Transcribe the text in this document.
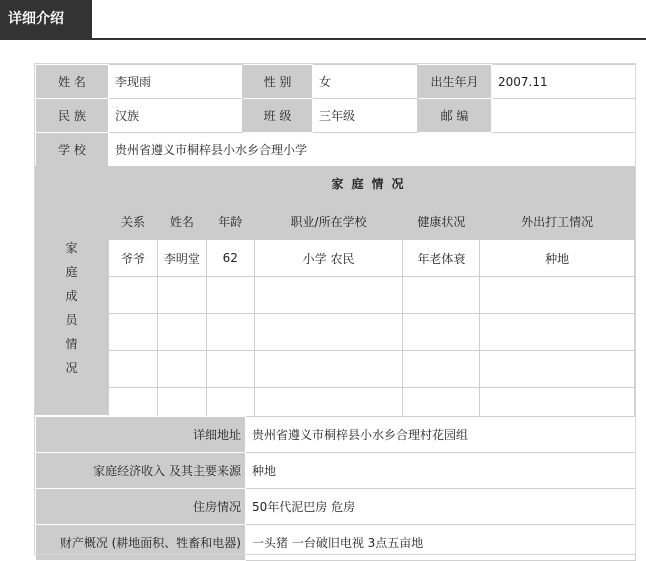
详细介绍
姓 名	李现雨	性 别	女	出生年月	2007.11
民 族	汉族	班 级	三年级	邮 编	
学 校	贵州省遵义市桐梓县小水乡合理小学				
家
庭
成
员
情
况
家庭情况
关系	姓名	年龄	职业/所在学校	健康状况	外出打工情况
爷爷	李明堂	62	小学 农民	年老体衰	种地

详细地址	贵州省遵义市桐梓县小水乡合理村花园组
家庭经济收入 及其主要来源	种地
住房情况	50年代泥巴房 危房
财产概况 (耕地面积、牲畜和电器)	一头猪 一台破旧电视 3点五亩地
